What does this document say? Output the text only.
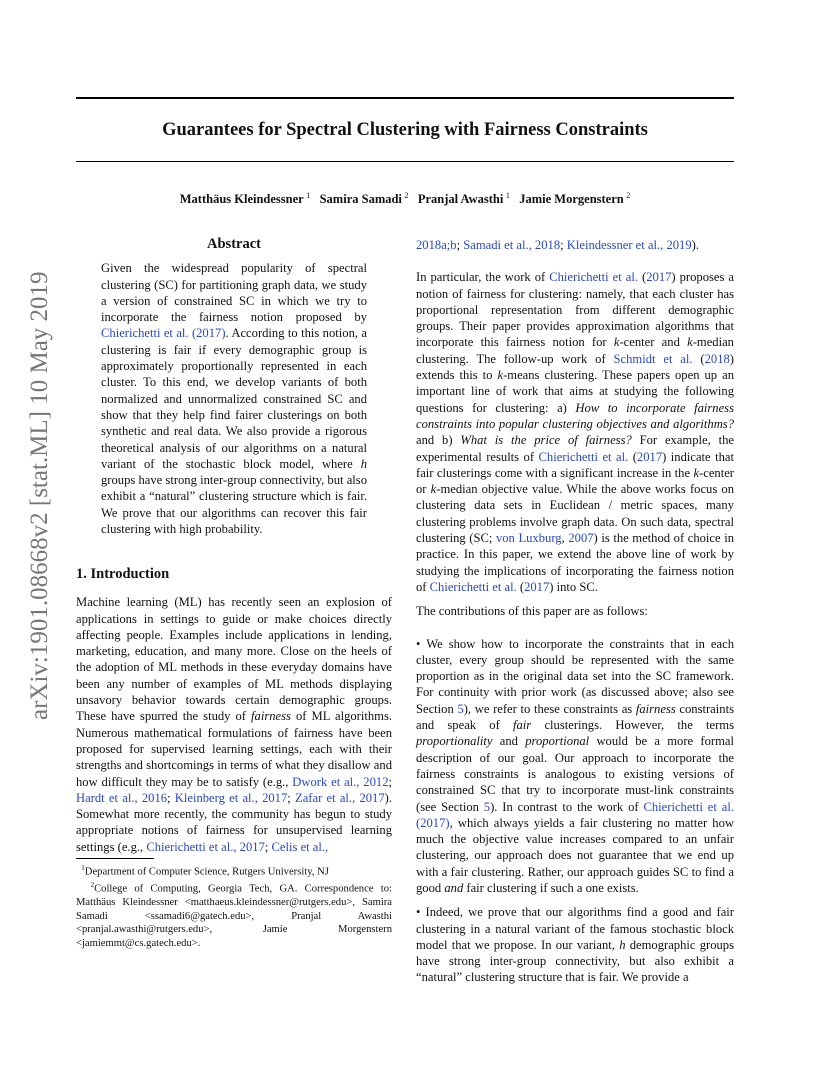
Guarantees for Spectral Clustering with Fairness Constraints
Matthäus Kleindessner  $^1$ Samira Samadi  $^2$ Pranjal Awasthi  $^1$ Jamie Morgenstern  $^2$
arXiv:1901.08668v2 [stat.ML] 10 May 2019
Abstract

Given the widespread popularity of spectral clustering (SC) for partitioning graph data, we study a version of constrained SC in which we try to incorporate the fairness notion proposed by Chierichetti et al. (2017). According to this notion, a clustering is fair if every demographic group is approximately proportionally represented in each cluster. To this end, we develop variants of both normalized and unnormalized constrained SC and show that they help find fairer clusterings on both synthetic and real data. We also provide a rigorous theoretical analysis of our algorithms on a natural variant of the stochastic block model, where h groups have strong inter-group connectivity, but also exhibit a “natural” clustering structure which is fair. We prove that our algorithms can recover this fair clustering with high probability.

1. Introduction

Machine learning (ML) has recently seen an explosion of applications in settings to guide or make choices directly affecting people. Examples include applications in lending, marketing, education, and many more. Close on the heels of the adoption of ML methods in these everyday domains have been any number of examples of ML methods displaying unsavory behavior towards certain demographic groups. These have spurred the study of fairness of ML algorithms. Numerous mathematical formulations of fairness have been proposed for supervised learning settings, each with their strengths and shortcomings in terms of what they disallow and how difficult they may be to satisfy (e.g., Dwork et al., 2012; Hardt et al., 2016; Kleinberg et al., 2017; Zafar et al., 2017). Somewhat more recently, the community has begun to study appropriate notions of fairness for unsupervised learning settings (e.g., Chierichetti et al., 2017; Celis et al.,

$^1$Department of Computer Science, Rutgers University, NJ
$^2$College of Computing, Georgia Tech, GA. Correspondence to: Matthäus Kleindessner <matthaeus.kleindessner@rutgers.edu>, Samira Samadi <ssamadi6@gatech.edu>, Pranjal Awasthi <pranjal.awasthi@rutgers.edu>, Jamie Morgenstern <jamiemmt@cs.gatech.edu>.

2018a;b; Samadi et al., 2018; Kleindessner et al., 2019).

In particular, the work of Chierichetti et al. (2017) proposes a notion of fairness for clustering: namely, that each cluster has proportional representation from different demographic groups. Their paper provides approximation algorithms that incorporate this fairness notion for k-center and k-median clustering. The follow-up work of Schmidt et al. (2018) extends this to k-means clustering. These papers open up an important line of work that aims at studying the following questions for clustering: a) How to incorporate fairness constraints into popular clustering objectives and algorithms? and b) What is the price of fairness? For example, the experimental results of Chierichetti et al. (2017) indicate that fair clusterings come with a significant increase in the k-center or k-median objective value. While the above works focus on clustering data sets in Euclidean / metric spaces, many clustering problems involve graph data. On such data, spectral clustering (SC; von Luxburg, 2007) is the method of choice in practice. In this paper, we extend the above line of work by studying the implications of incorporating the fairness notion of Chierichetti et al. (2017) into SC.

The contributions of this paper are as follows:

• We show how to incorporate the constraints that in each cluster, every group should be represented with the same proportion as in the original data set into the SC framework. For continuity with prior work (as discussed above; also see Section 5), we refer to these constraints as fairness constraints and speak of fair clusterings. However, the terms proportionality and proportional would be a more formal description of our goal. Our approach to incorporate the fairness constraints is analogous to existing versions of constrained SC that try to incorporate must-link constraints (see Section 5). In contrast to the work of Chierichetti et al. (2017), which always yields a fair clustering no matter how much the objective value increases compared to an unfair clustering, our approach does not guarantee that we end up with a fair clustering. Rather, our approach guides SC to find a good and fair clustering if such a one exists.

• Indeed, we prove that our algorithms find a good and fair clustering in a natural variant of the famous stochastic block model that we propose. In our variant, h demographic groups have strong inter-group connectivity, but also exhibit a “natural” clustering structure that is fair. We provide a
